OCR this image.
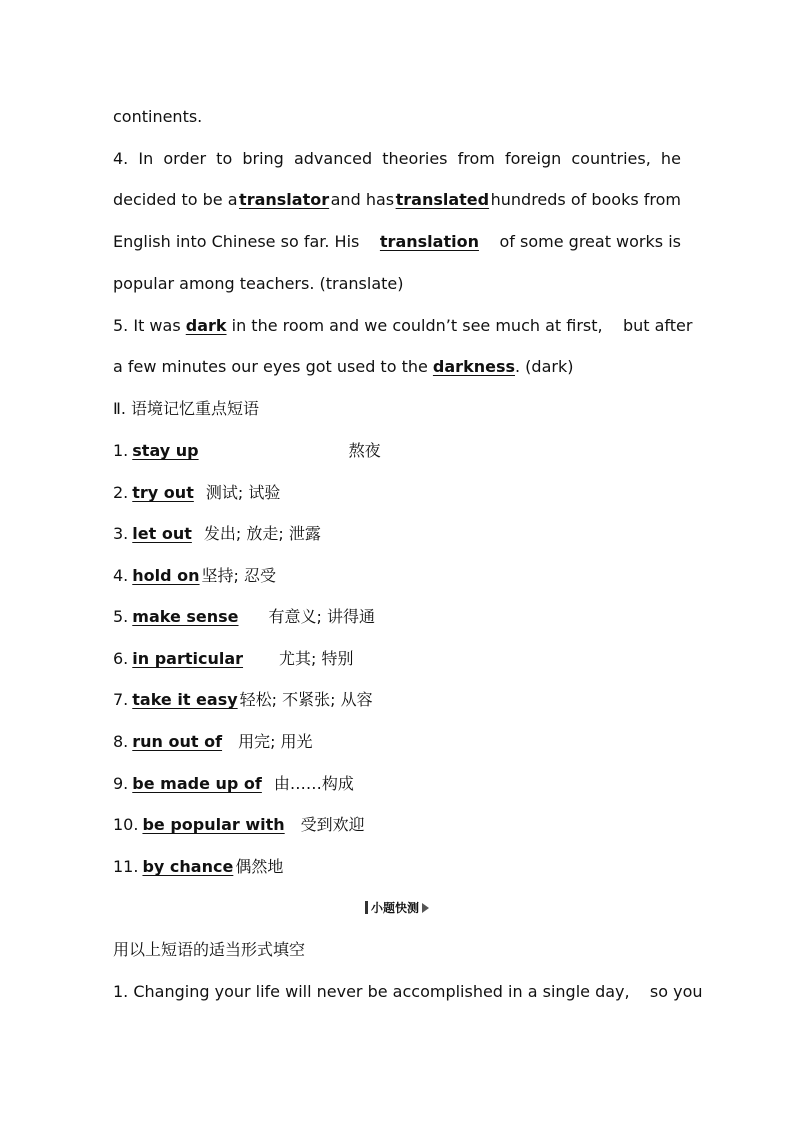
continents.
4. In order to bring advanced theories from foreign countries, he
decided to be a translator and has translated hundreds of books from
English into Chinese so far. His translation of some great works is
popular among teachers. (translate)
5. It was dark in the room and we couldn’t see much at first,    but after
a few minutes our eyes got used to the darkness. (dark)
Ⅱ. 语境记忆重点短语
1. stay up	熬夜
2. try out 测试; 试验
3. let out 发出; 放走; 泄露
4. hold on 坚持; 忍受
5. make sense 有意义; 讲得通
6. in particular 尤其; 特别
7. take it easy 轻松; 不紧张; 从容
8. run out of 用完; 用光
9. be made up of 由……构成
10. be popular with 受到欢迎
11. by chance 偶然地
用以上短语的适当形式填空
1. Changing your life will never be accomplished in a single day,    so you
小题快测
